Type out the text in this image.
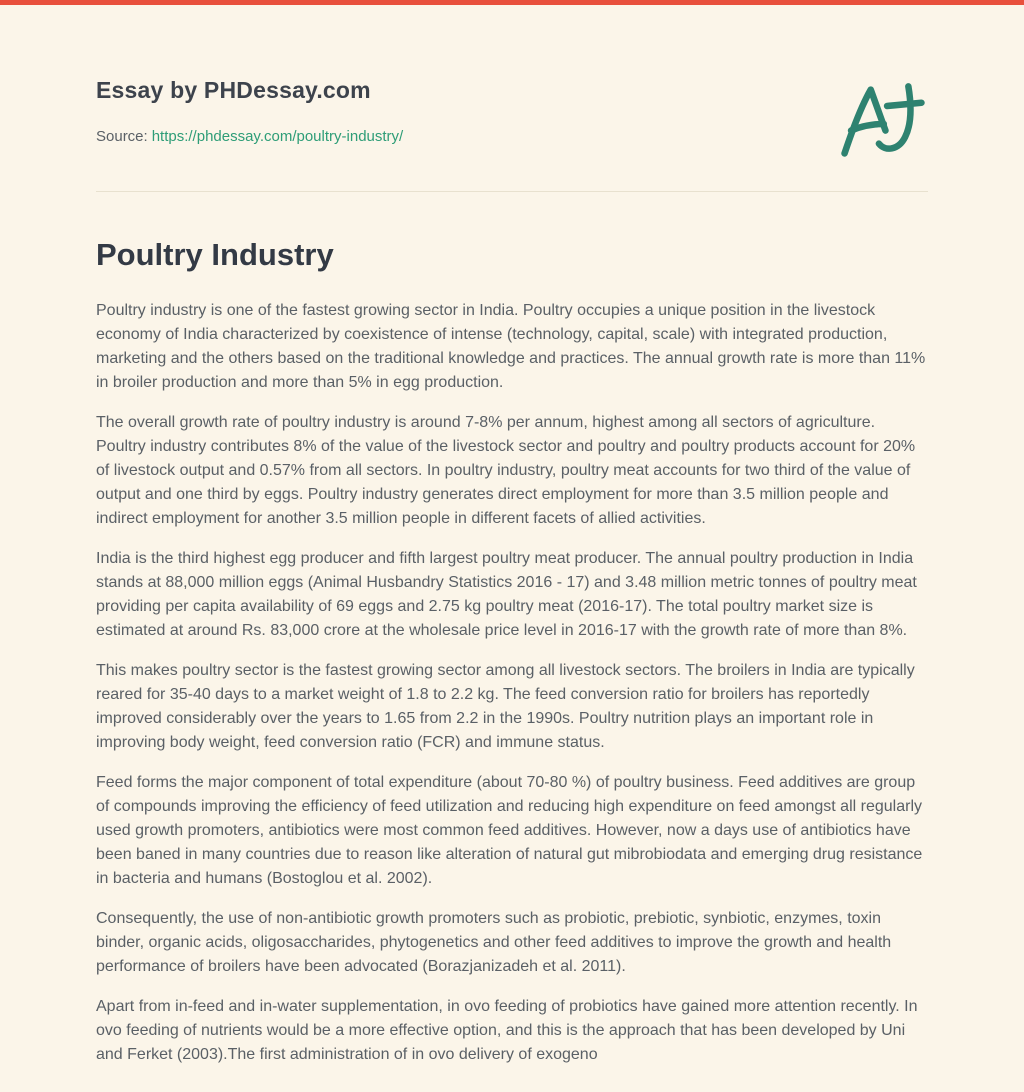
Essay by PHDessay.com
Source: https://phdessay.com/poultry-industry/
Poultry Industry

Poultry industry is one of the fastest growing sector in India. Poultry occupies a unique position in the livestock economy of India characterized by coexistence of intense (technology, capital, scale) with integrated production, marketing and the others based on the traditional knowledge and practices. The annual growth rate is more than 11% in broiler production and more than 5% in egg production.

The overall growth rate of poultry industry is around 7-8% per annum, highest among all sectors of agriculture. Poultry industry contributes 8% of the value of the livestock sector and poultry and poultry products account for 20% of livestock output and 0.57% from all sectors. In poultry industry, poultry meat accounts for two third of the value of output and one third by eggs. Poultry industry generates direct employment for more than 3.5 million people and indirect employment for another 3.5 million people in different facets of allied activities.

India is the third highest egg producer and fifth largest poultry meat producer. The annual poultry production in India stands at 88,000 million eggs (Animal Husbandry Statistics 2016 - 17) and 3.48 million metric tonnes of poultry meat providing per capita availability of 69 eggs and 2.75 kg poultry meat (2016-17). The total poultry market size is estimated at around Rs. 83,000 crore at the wholesale price level in 2016-17 with the growth rate of more than 8%.

This makes poultry sector is the fastest growing sector among all livestock sectors. The broilers in India are typically reared for 35-40 days to a market weight of 1.8 to 2.2 kg. The feed conversion ratio for broilers has reportedly improved considerably over the years to 1.65 from 2.2 in the 1990s. Poultry nutrition plays an important role in improving body weight, feed conversion ratio (FCR) and immune status.

Feed forms the major component of total expenditure (about 70-80 %) of poultry business. Feed additives are group of compounds improving the efficiency of feed utilization and reducing high expenditure on feed amongst all regularly used growth promoters, antibiotics were most common feed additives. However, now a days use of antibiotics have been baned in many countries due to reason like alteration of natural gut mibrobiodata and emerging drug resistance in bacteria and humans (Bostoglou et al. 2002).

Consequently, the use of non-antibiotic growth promoters such as probiotic, prebiotic, synbiotic, enzymes, toxin binder, organic acids, oligosaccharides, phytogenetics and other feed additives to improve the growth and health performance of broilers have been advocated (Borazjanizadeh et al. 2011).

Apart from in-feed and in-water supplementation, in ovo feeding of probiotics have gained more attention recently. In ovo feeding of nutrients would be a more effective option, and this is the approach that has been developed by Uni and Ferket (2003).The first administration of in ovo delivery of exogeno
